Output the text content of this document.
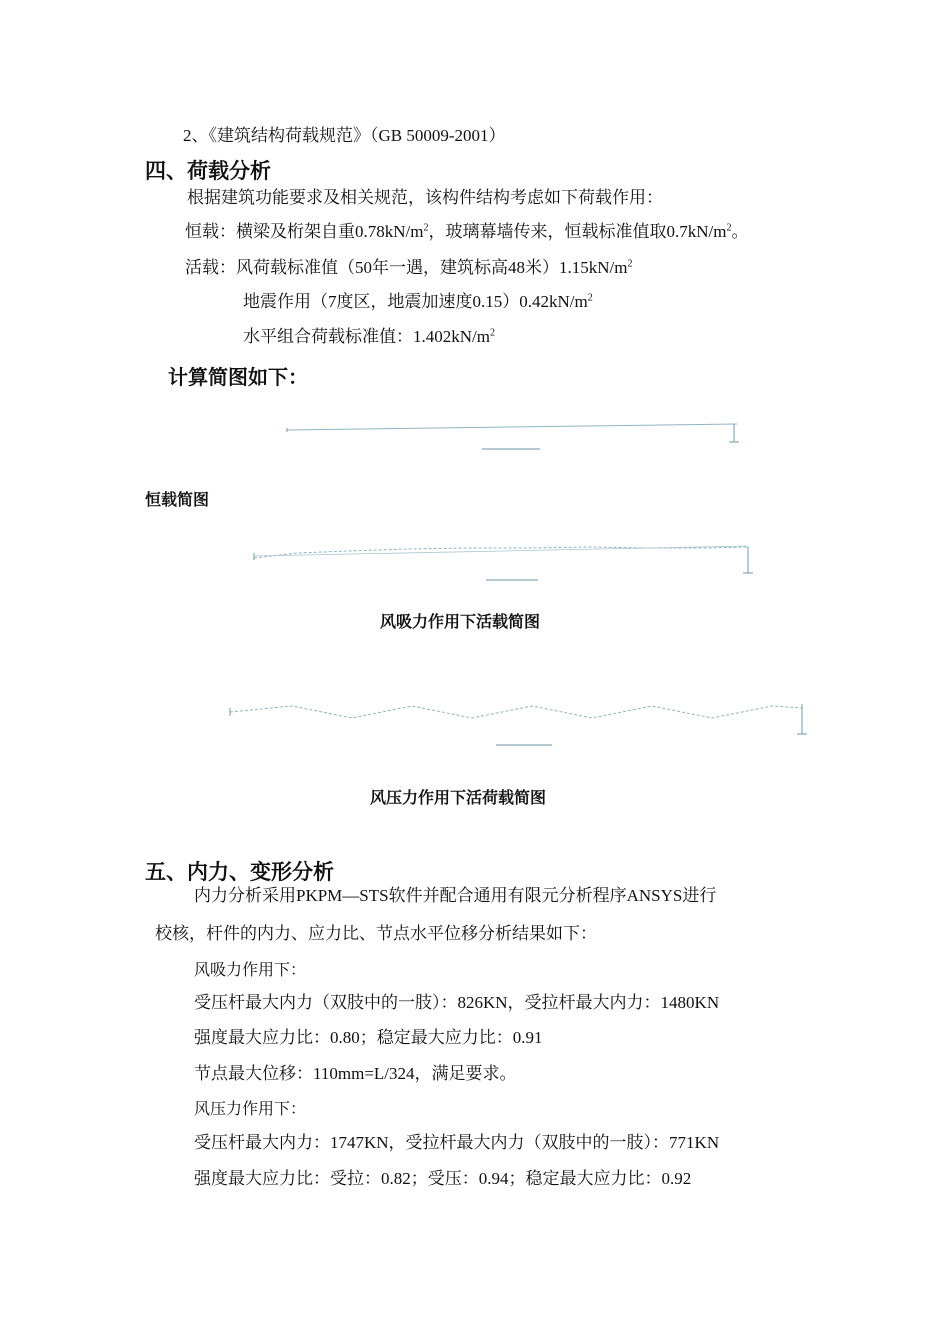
2、《建筑结构荷载规范》（GB 50009-2001）
四、荷载分析
根据建筑功能要求及相关规范，该构件结构考虑如下荷载作用：
恒载：横梁及桁架自重$0.78kN/m^2$，玻璃幕墙传来，恒载标准值取$0.7kN/m^2$。
活载：风荷载标准值（50年一遇，建筑标高48米）$1.15kN/m^2$
地震作用（7度区，地震加速度$0.15)0.42kN/m^2$
水平组合荷载标准值：$1.402kN/m^2$
计算简图如下：
恒载简图
风吸力作用下活载简图
风压力作用下活荷载简图
五、内力、变形分析
内力分析采用PKPM—STS软件并配合通用有限元分析程序ANSYS进行
校核，杆件的内力、应力比、节点水平位移分析结果如下：
风吸力作用下：
受压杆最大内力（双肢中的一肢）：826KN，受拉杆最大内力：1480KN
强度最大应力比：0.80；稳定最大应力比：0.91
节点最大位移：110mm=L/324，满足要求。
风压力作用下：
受压杆最大内力：1747KN，受拉杆最大内力（双肢中的一肢）：771KN
强度最大应力比：受拉：0.82；受压：0.94；稳定最大应力比：0.92
